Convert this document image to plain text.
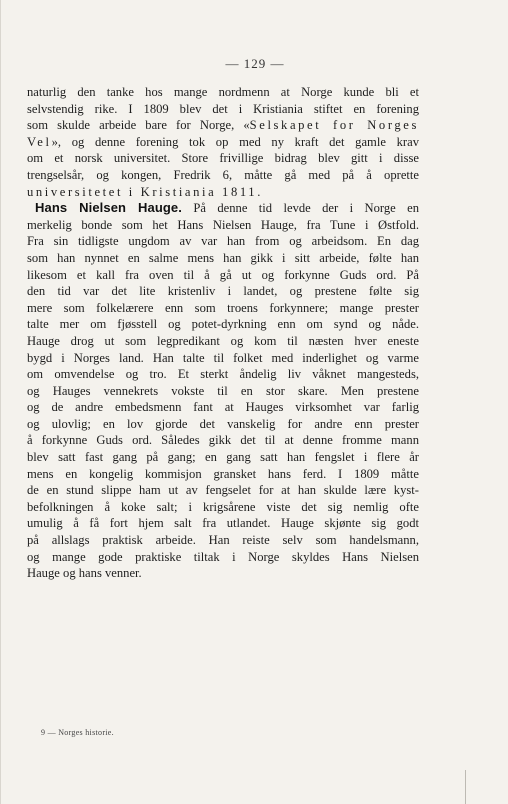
— 129 —
naturlig den tanke hos mange nordmenn at Norge kunde bli et
selvstendig rike. I 1809 blev det i Kristiania stiftet en forening
som skulde arbeide bare for Norge, «Selskapet for Norges
Vel», og denne forening tok op med ny kraft det gamle krav
om et norsk universitet. Store frivillige bidrag blev gitt i disse
trengselsår, og kongen, Fredrik 6, måtte gå med på å oprette
universitetet i Kristiania 1811.
Hans Nielsen Hauge. På denne tid levde der i Norge en
merkelig bonde som het Hans Nielsen Hauge, fra Tune i Østfold.
Fra sin tidligste ungdom av var han from og arbeidsom. En dag
som han nynnet en salme mens han gikk i sitt arbeide, følte han
likesom et kall fra oven til å gå ut og forkynne Guds ord. På
den tid var det lite kristenliv i landet, og prestene følte sig
mere som folkelærere enn som troens forkynnere; mange prester
talte mer om fjøsstell og potet-dyrkning enn om synd og nåde.
Hauge drog ut som legpredikant og kom til næsten hver eneste
bygd i Norges land. Han talte til folket med inderlighet og varme
om omvendelse og tro. Et sterkt åndelig liv våknet mangesteds,
og Hauges vennekrets vokste til en stor skare. Men prestene
og de andre embedsmenn fant at Hauges virksomhet var farlig
og ulovlig; en lov gjorde det vanskelig for andre enn prester
å forkynne Guds ord. Således gikk det til at denne fromme mann
blev satt fast gang på gang; en gang satt han fengslet i flere år
mens en kongelig kommisjon gransket hans ferd. I 1809 måtte
de en stund slippe ham ut av fengselet for at han skulde lære kyst-
befolkningen å koke salt; i krigsårene viste det sig nemlig ofte
umulig å få fort hjem salt fra utlandet. Hauge skjønte sig godt
på allslags praktisk arbeide. Han reiste selv som handelsmann,
og mange gode praktiske tiltak i Norge skyldes Hans Nielsen
Hauge og hans venner.
9 — Norges historie.
